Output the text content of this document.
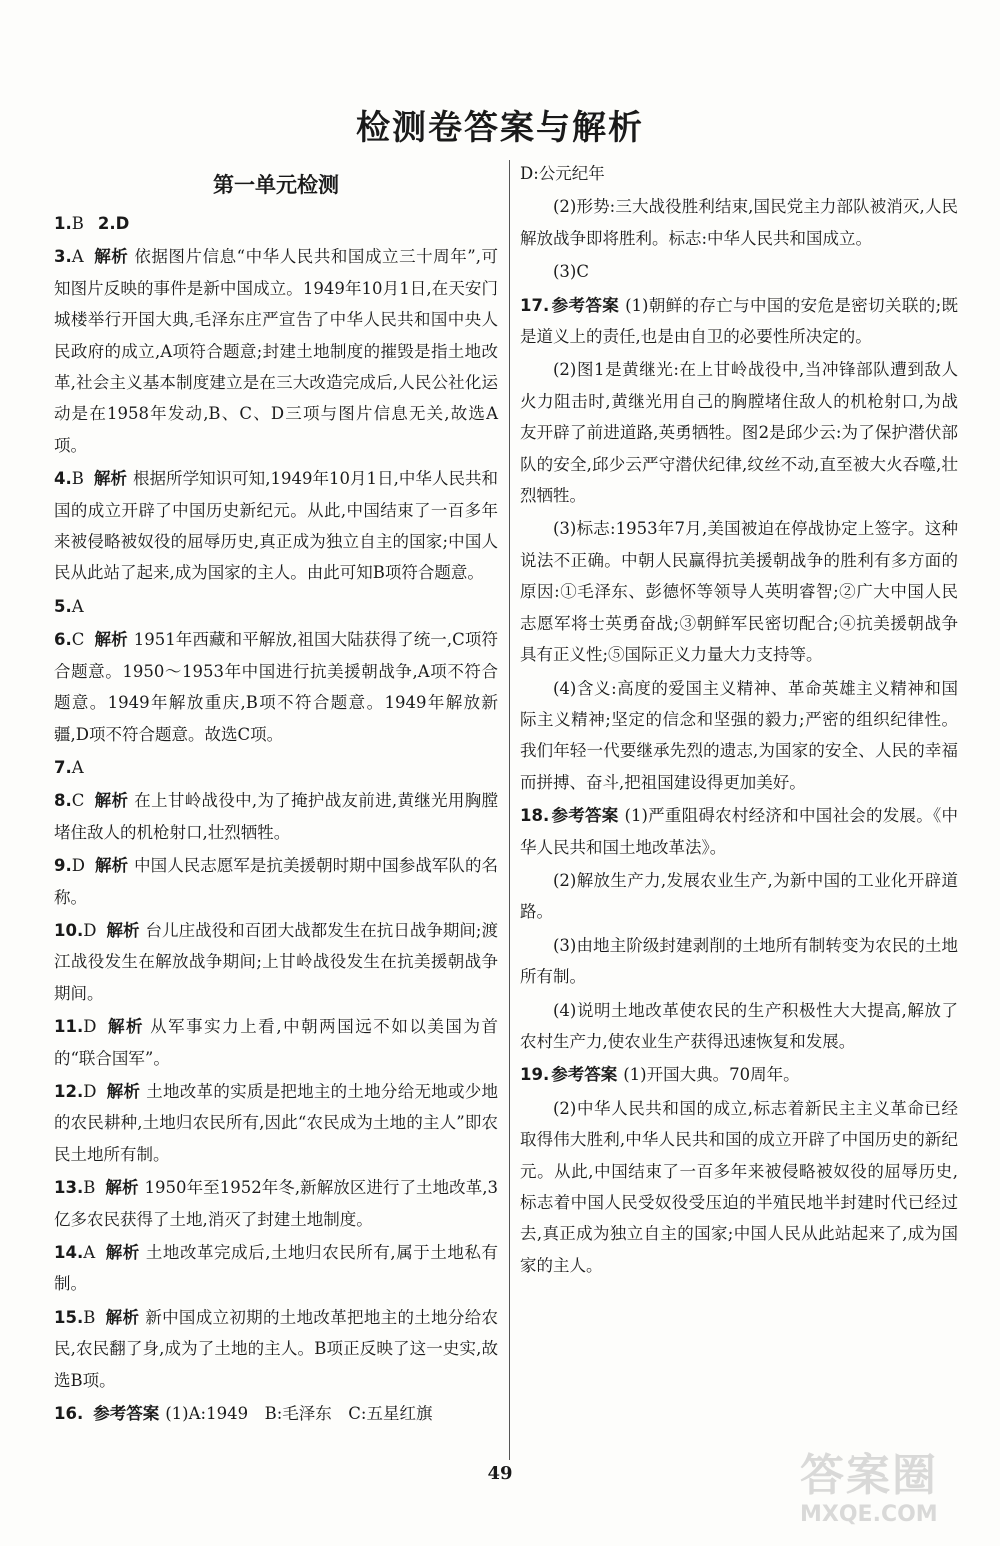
检测卷答案与解析
第一单元检测
1.B 2.D
3.A 解析 依据图片信息“中华人民共和国成立三十周年”,可知图片反映的事件是新中国成立。1949年10月1日,在天安门城楼举行开国大典,毛泽东庄严宣告了中华人民共和国中央人民政府的成立,A项符合题意;封建土地制度的摧毁是指土地改革,社会主义基本制度建立是在三大改造完成后,人民公社化运动是在1958年发动,B、C、D三项与图片信息无关,故选A项。
4.B 解析 根据所学知识可知,1949年10月1日,中华人民共和国的成立开辟了中国历史新纪元。从此,中国结束了一百多年来被侵略被奴役的屈辱历史,真正成为独立自主的国家;中国人民从此站了起来,成为国家的主人。由此可知B项符合题意。
5.A
6.C 解析 1951年西藏和平解放,祖国大陆获得了统一,C项符合题意。1950～1953年中国进行抗美援朝战争,A项不符合题意。1949年解放重庆,B项不符合题意。1949年解放新疆,D项不符合题意。故选C项。
7.A
8.C 解析 在上甘岭战役中,为了掩护战友前进,黄继光用胸膛堵住敌人的机枪射口,壮烈牺牲。
9.D 解析 中国人民志愿军是抗美援朝时期中国参战军队的名称。
10.D 解析 台儿庄战役和百团大战都发生在抗日战争期间;渡江战役发生在解放战争期间;上甘岭战役发生在抗美援朝战争期间。
11.D 解析 从军事实力上看,中朝两国远不如以美国为首的“联合国军”。
12.D 解析 土地改革的实质是把地主的土地分给无地或少地的农民耕种,土地归农民所有,因此“农民成为土地的主人”即农民土地所有制。
13.B 解析 1950年至1952年冬,新解放区进行了土地改革,3亿多农民获得了土地,消灭了封建土地制度。
14.A 解析 土地改革完成后,土地归农民所有,属于土地私有制。
15.B 解析 新中国成立初期的土地改革把地主的土地分给农民,农民翻了身,成为了土地的主人。B项正反映了这一史实,故选B项。
16. 参考答案 (1)A:1949　B:毛泽东　C:五星红旗
D:公元纪年
(2)形势:三大战役胜利结束,国民党主力部队被消灭,人民解放战争即将胜利。标志:中华人民共和国成立。
(3)C
17. 参考答案 (1)朝鲜的存亡与中国的安危是密切关联的;既是道义上的责任,也是由自卫的必要性所决定的。
(2)图1是黄继光:在上甘岭战役中,当冲锋部队遭到敌人火力阻击时,黄继光用自己的胸膛堵住敌人的机枪射口,为战友开辟了前进道路,英勇牺牲。图2是邱少云:为了保护潜伏部队的安全,邱少云严守潜伏纪律,纹丝不动,直至被大火吞噬,壮烈牺牲。
(3)标志:1953年7月,美国被迫在停战协定上签字。这种说法不正确。中朝人民赢得抗美援朝战争的胜利有多方面的原因:①毛泽东、彭德怀等领导人英明睿智;②广大中国人民志愿军将士英勇奋战;③朝鲜军民密切配合;④抗美援朝战争具有正义性;⑤国际正义力量大力支持等。
(4)含义:高度的爱国主义精神、革命英雄主义精神和国际主义精神;坚定的信念和坚强的毅力;严密的组织纪律性。我们年轻一代要继承先烈的遗志,为国家的安全、人民的幸福而拼搏、奋斗,把祖国建设得更加美好。
18. 参考答案 (1)严重阻碍农村经济和中国社会的发展。《中华人民共和国土地改革法》。
(2)解放生产力,发展农业生产,为新中国的工业化开辟道路。
(3)由地主阶级封建剥削的土地所有制转变为农民的土地所有制。
(4)说明土地改革使农民的生产积极性大大提高,解放了农村生产力,使农业生产获得迅速恢复和发展。
19. 参考答案 (1)开国大典。70周年。
(2)中华人民共和国的成立,标志着新民主主义革命已经取得伟大胜利,中华人民共和国的成立开辟了中国历史的新纪元。从此,中国结束了一百多年来被侵略被奴役的屈辱历史,标志着中国人民受奴役受压迫的半殖民地半封建时代已经过去,真正成为独立自主的国家;中国人民从此站起来了,成为国家的主人。
49	答案圈
MXQE.COM
